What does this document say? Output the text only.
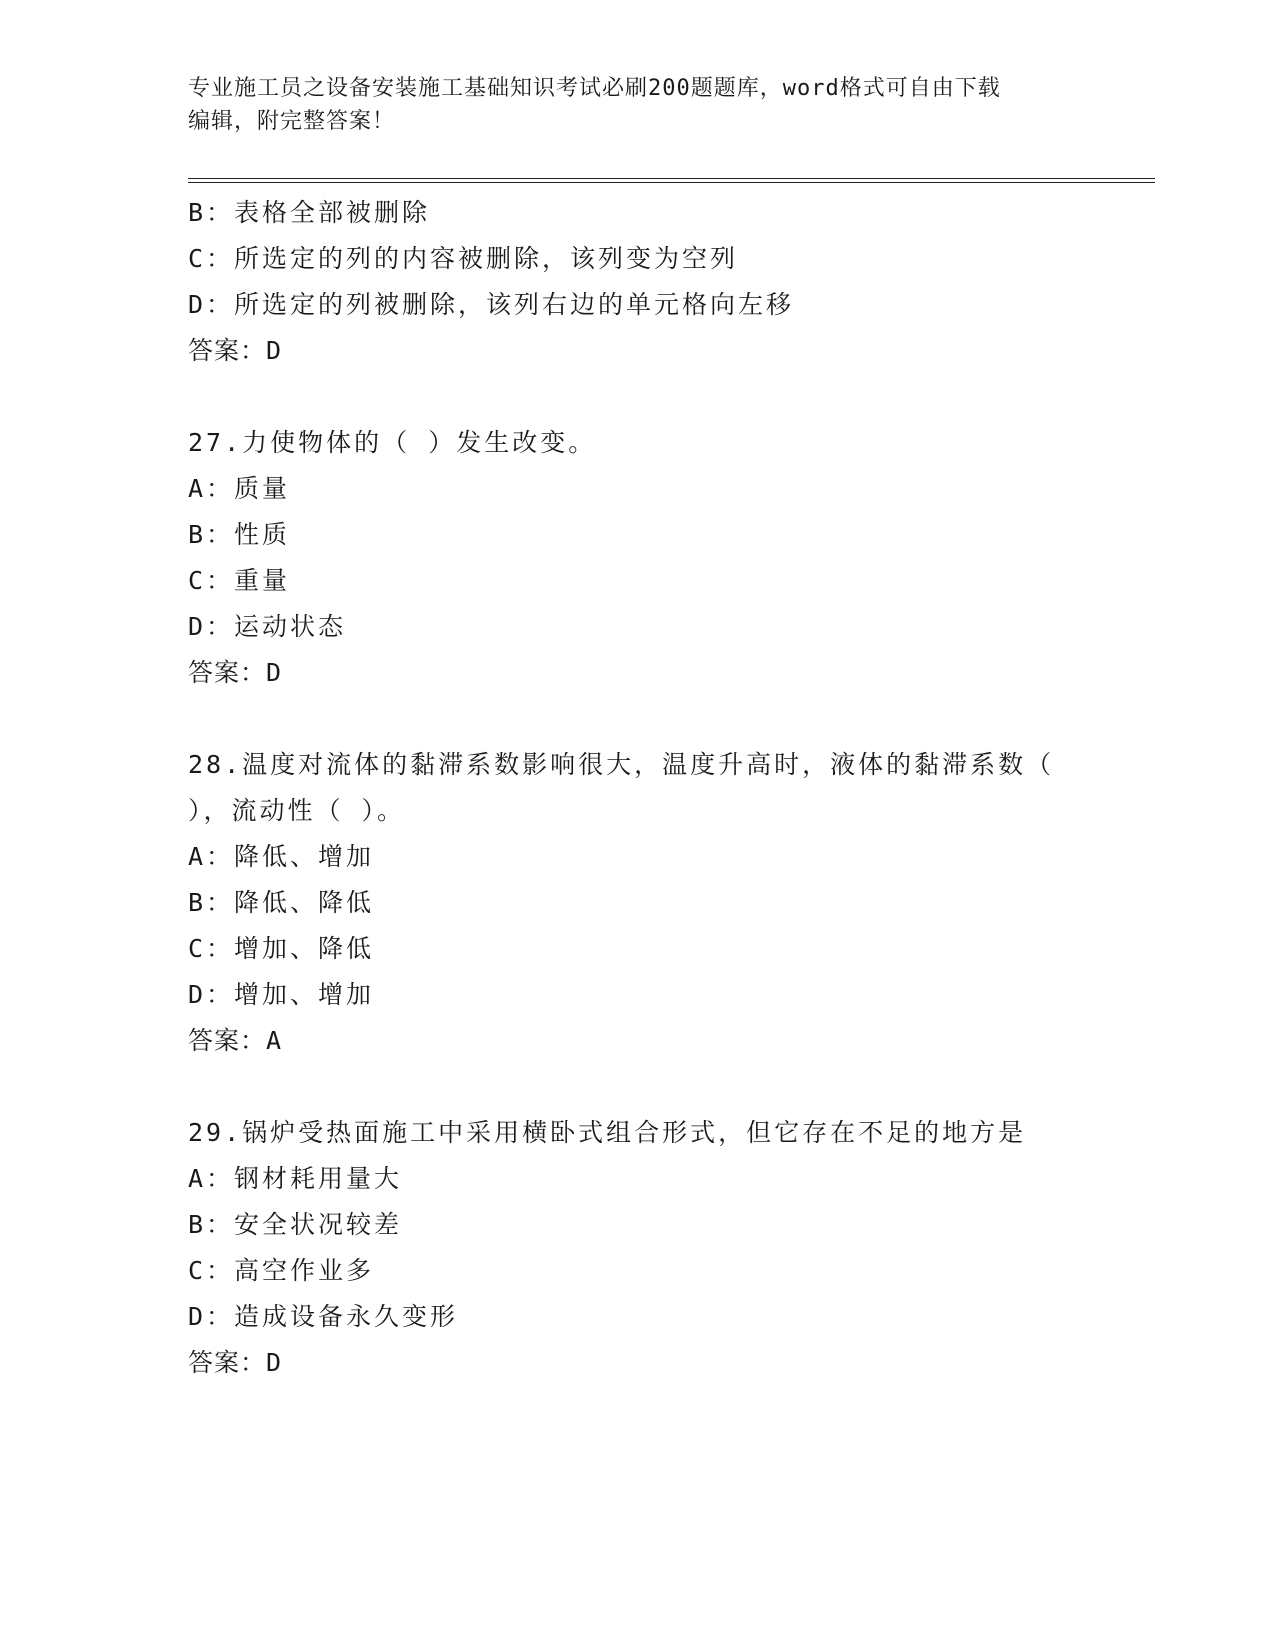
专业施工员之设备安装施工基础知识考试必刷200题题库，word格式可自由下载
编辑，附完整答案！
B：表格全部被删除
C：所选定的列的内容被删除，该列变为空列
D：所选定的列被删除，该列右边的单元格向左移
答案：D
27.力使物体的（ ）发生改变。
A：质量
B：性质
C：重量
D：运动状态
答案：D
28.温度对流体的黏滞系数影响很大，温度升高时，液体的黏滞系数（
），流动性（ ）。
A：降低、增加
B：降低、降低
C：增加、降低
D：增加、增加
答案：A
29.锅炉受热面施工中采用横卧式组合形式，但它存在不足的地方是
A：钢材耗用量大
B：安全状况较差
C：高空作业多
D：造成设备永久变形
答案：D
